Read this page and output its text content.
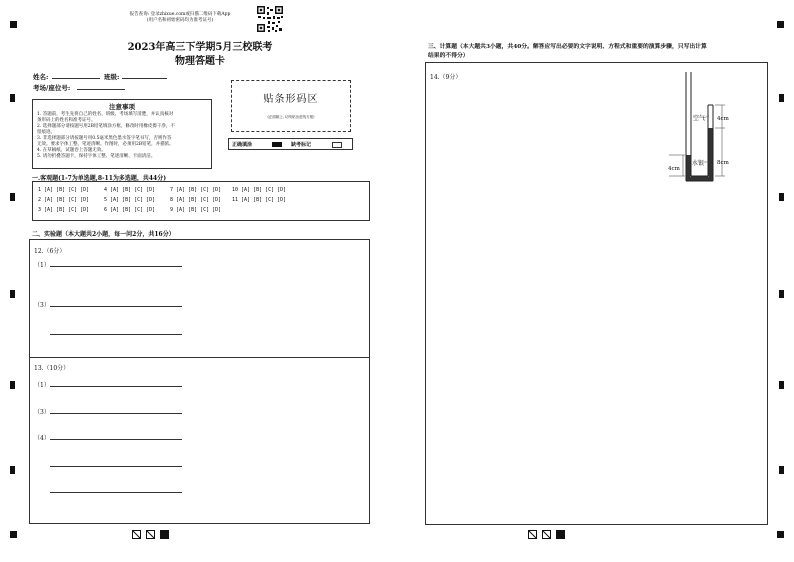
报告查询: 登录zhixue.com或扫描二维码下载App
(用户名和初始密码均为准考证号)
2023年高三下学期5月三校联考
物理答题卡
姓名:	班级:
考场/座位号:
注意事项
1. 答题前，考生先将自己的姓名、班级、考场填写清楚，并认真核对
条形码上的姓名和准考证号。
2. 选择题部分请按题号用2B铅笔填涂方框，修改时用橡皮擦干净，不
留痕迹。
3. 非选择题部分请按题号用0.5毫米黑色墨水签字笔书写，否则作答
无效。要求字体工整、笔迹清晰。作图时，必须用2B铅笔，并描浓。
4. 在草稿纸、试题卷上答题无效。
5. 请勿折叠答题卡，保持字体工整、笔迹清晰、卡面清洁。
贴条形码区
(正面朝上, 切勿贴出虚线方框)
正确填涂	缺考标记
一.客观题(1-7为单选题,8-11为多选题，共44分)
1 [A] [B] [C] [D]	4 [A] [B] [C] [D]	7 [A] [B] [C] [D] 10 [A] [B] [C] [D]
2 [A] [B] [C] [D]	5 [A] [B] [C] [D]	8 [A] [B] [C] [D] 11 [A] [B] [C] [D]
3 [A] [B] [C] [D]	6 [A] [B] [C] [D]	9 [A] [B] [C] [D]
二、实验题（本大题共2小题，每一问2分，共16分）
12.（6分）
（1）
（3）
13.（10分）
（1）
（3）
（4）
三、计算题（本大题共3小题，共40分。解答应写出必要的文字说明、方程式和重要的演算步骤，只写出计算
结果的不得分）
14.（9分）
空气
水银
4cm
8cm
4cm
